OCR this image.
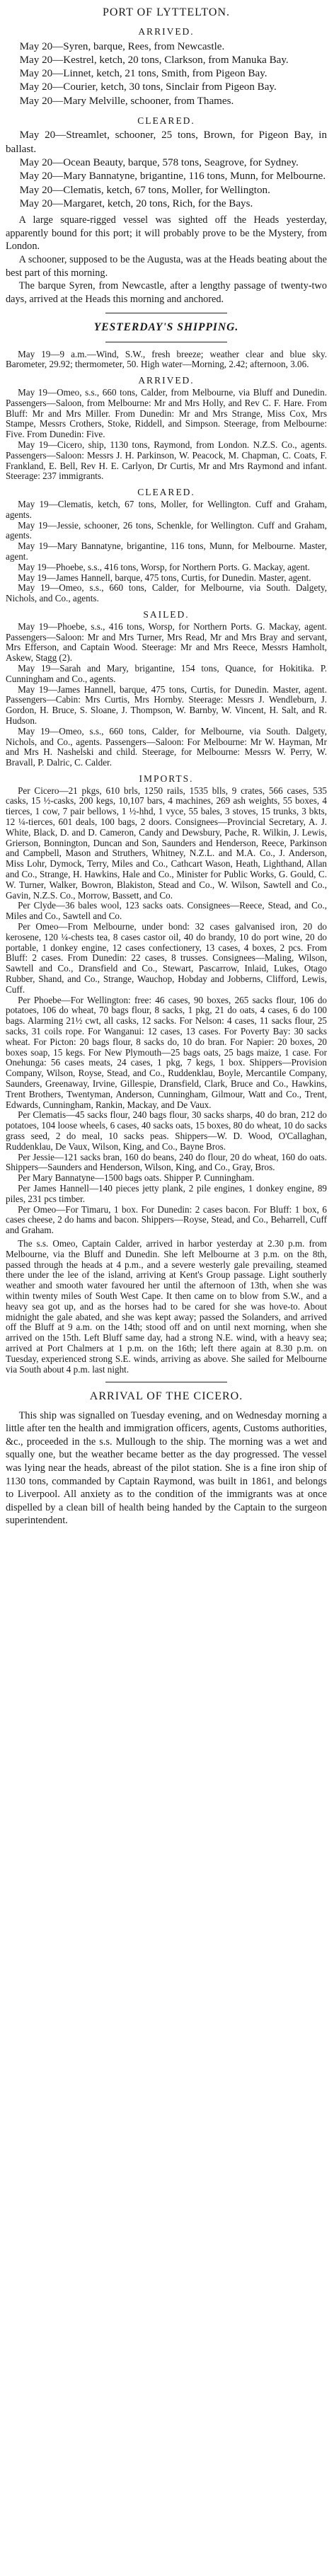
PORT OF LYTTELTON.
ARRIVED.

May 20—Syren, barque, Rees, from Newcastle.

May 20—Kestrel, ketch, 20 tons, Clarkson, from Manuka Bay.

May 20—Linnet, ketch, 21 tons, Smith, from Pigeon Bay.

May 20—Courier, ketch, 30 tons, Sinclair from Pigeon Bay.

May 20—Mary Melville, schooner, from Thames.

CLEARED.

May 20—Streamlet, schooner, 25 tons, Brown, for Pigeon Bay, in ballast.

May 20—Ocean Beauty, barque, 578 tons, Seagrove, for Sydney.

May 20—Mary Bannatyne, brigantine, 116 tons, Munn, for Melbourne.

May 20—Clematis, ketch, 67 tons, Moller, for Wellington.

May 20—Margaret, ketch, 20 tons, Rich, for the Bays.

A large square-rigged vessel was sighted off the Heads yesterday, apparently bound for this port; it will probably prove to be the Mystery, from London.

A schooner, supposed to be the Augusta, was at the Heads beating about the best part of this morning.

The barque Syren, from Newcastle, after a lengthy passage of twenty-two days, arrived at the Heads this morning and anchored.

YESTERDAY'S SHIPPING.

May 19—9 a.m.—Wind, S.W., fresh breeze; weather clear and blue sky. Barometer, 29.92; thermometer, 50. High water—Morning, 2.42; afternoon, 3.06.

ARRIVED.

May 19—Omeo, s.s., 660 tons, Calder, from Melbourne, via Bluff and Dunedin. Passengers—Saloon, from Melbourne: Mr and Mrs Holly, and Rev C. F. Hare. From Bluff: Mr and Mrs Miller. From Dunedin: Mr and Mrs Strange, Miss Cox, Mrs Stampe, Messrs Crothers, Stoke, Riddell, and Simpson. Steerage, from Melbourne: Five. From Dunedin: Five.

May 19—Cicero, ship, 1130 tons, Raymond, from London. N.Z.S. Co., agents. Passengers—Saloon: Messrs J. H. Parkinson, W. Peacock, M. Chapman, C. Coats, F. Frankland, E. Bell, Rev H. E. Carlyon, Dr Curtis, Mr and Mrs Raymond and infant. Steerage: 237 immigrants.

CLEARED.

May 19—Clematis, ketch, 67 tons, Moller, for Wellington. Cuff and Graham, agents.

May 19—Jessie, schooner, 26 tons, Schenkle, for Wellington. Cuff and Graham, agents.

May 19—Mary Bannatyne, brigantine, 116 tons, Munn, for Melbourne. Master, agent.

May 19—Phoebe, s.s., 416 tons, Worsp, for Northern Ports. G. Mackay, agent.

May 19—James Hannell, barque, 475 tons, Curtis, for Dunedin. Master, agent.

May 19—Omeo, s.s., 660 tons, Calder, for Melbourne, via South. Dalgety, Nichols, and Co., agents.

SAILED.

May 19—Phoebe, s.s., 416 tons, Worsp, for Northern Ports. G. Mackay, agent. Passengers—Saloon: Mr and Mrs Turner, Mrs Read, Mr and Mrs Bray and servant, Mrs Efferson, and Captain Wood. Steerage: Mr and Mrs Reece, Messrs Hamholt, Askew, Stagg (2).

May 19—Sarah and Mary, brigantine, 154 tons, Quance, for Hokitika. P. Cunningham and Co., agents.

May 19—James Hannell, barque, 475 tons, Curtis, for Dunedin. Master, agent. Passengers—Cabin: Mrs Curtis, Mrs Hornby. Steerage: Messrs J. Wendleburn, J. Gordon, H. Bruce, S. Sloane, J. Thompson, W. Barnby, W. Vincent, H. Salt, and R. Hudson.

May 19—Omeo, s.s., 660 tons, Calder, for Melbourne, via South. Dalgety, Nichols, and Co., agents. Passengers—Saloon: For Melbourne: Mr W. Hayman, Mr and Mrs H. Nashelski and child. Steerage, for Melbourne: Messrs W. Perry, W. Bravall, P. Dalric, C. Calder.

IMPORTS.

Per Cicero—21 pkgs, 610 brls, 1250 rails, 1535 blls, 9 crates, 566 cases, 535 casks, 15 ½-casks, 200 kegs, 10,107 bars, 4 machines, 269 ash weights, 55 boxes, 4 tierces, 1 cow, 7 pair bellows, 1 ½-hhd, 1 vyce, 55 bales, 3 stoves, 15 trunks, 3 bkts, 12 ¼-tierces, 601 deals, 100 bags, 2 doors. Consignees—Provincial Secretary, A. J. White, Black, D. and D. Cameron, Candy and Dewsbury, Pache, R. Wilkin, J. Lewis, Grierson, Bonnington, Duncan and Son, Saunders and Henderson, Reece, Parkinson and Campbell, Mason and Struthers, Whitney, N.Z.L. and M.A. Co., J. Anderson, Miss Lohr, Dymock, Terry, Miles and Co., Cathcart Wason, Heath, Lighthand, Allan and Co., Strange, H. Hawkins, Hale and Co., Minister for Public Works, G. Gould, C. W. Turner, Walker, Bowron, Blakiston, Stead and Co., W. Wilson, Sawtell and Co., Gavin, N.Z.S. Co., Morrow, Bassett, and Co.

Per Clyde—36 bales wool, 123 sacks oats. Consignees—Reece, Stead, and Co., Miles and Co., Sawtell and Co.

Per Omeo—From Melbourne, under bond: 32 cases galvanised iron, 20 do kerosene, 120 ¼-chests tea, 8 cases castor oil, 40 do brandy, 10 do port wine, 20 do portable, 1 donkey engine, 12 cases confectionery, 13 cases, 4 boxes, 2 pcs. From Bluff: 2 cases. From Dunedin: 22 cases, 8 trusses. Consignees—Maling, Wilson, Sawtell and Co., Dransfield and Co., Stewart, Pascarrow, Inlaid, Lukes, Otago Rubber, Shand, and Co., Strange, Wauchop, Hobday and Jobberns, Clifford, Lewis, Cuff.

Per Phoebe—For Wellington: free: 46 cases, 90 boxes, 265 sacks flour, 106 do potatoes, 106 do wheat, 70 bags flour, 8 sacks, 1 pkg, 21 do oats, 4 cases, 6 do 100 bags. Alarming 21½ cwt, all casks, 12 sacks. For Nelson: 4 cases, 11 sacks flour, 25 sacks, 31 coils rope. For Wanganui: 12 cases, 13 cases. For Poverty Bay: 30 sacks wheat. For Picton: 20 bags flour, 8 sacks do, 10 do bran. For Napier: 20 boxes, 20 boxes soap, 15 kegs. For New Plymouth—25 bags oats, 25 bags maize, 1 case. For Onehunga: 56 cases meats, 24 cases, 1 pkg, 7 kegs, 1 box. Shippers—Provision Company, Wilson, Royse, Stead, and Co., Ruddenklau, Boyle, Mercantile Company, Saunders, Greenaway, Irvine, Gillespie, Dransfield, Clark, Bruce and Co., Hawkins, Trent Brothers, Twentyman, Anderson, Cunningham, Gilmour, Watt and Co., Trent, Edwards, Cunningham, Rankin, Mackay, and De Vaux.

Per Clematis—45 sacks flour, 240 bags flour, 30 sacks sharps, 40 do bran, 212 do potatoes, 104 loose wheels, 6 cases, 40 sacks oats, 15 boxes, 80 do wheat, 10 do sacks grass seed, 2 do meal, 10 sacks peas. Shippers—W. D. Wood, O'Callaghan, Ruddenklau, De Vaux, Wilson, King, and Co., Bayne Bros.

Per Jessie—121 sacks bran, 160 do beans, 240 do flour, 20 do wheat, 160 do oats. Shippers—Saunders and Henderson, Wilson, King, and Co., Gray, Bros.

Per Mary Bannatyne—1500 bags oats. Shipper P. Cunningham.

Per James Hannell—140 pieces jetty plank, 2 pile engines, 1 donkey engine, 89 piles, 231 pcs timber.

Per Omeo—For Timaru, 1 box. For Dunedin: 2 cases bacon. For Bluff: 1 box, 6 cases cheese, 2 do hams and bacon. Shippers—Royse, Stead, and Co., Beharrell, Cuff and Graham.

The s.s. Omeo, Captain Calder, arrived in harbor yesterday at 2.30 p.m. from Melbourne, via the Bluff and Dunedin. She left Melbourne at 3 p.m. on the 8th, passed through the heads at 4 p.m., and a severe westerly gale prevailing, steamed there under the lee of the island, arriving at Kent's Group passage. Light southerly weather and smooth water favoured her until the afternoon of 13th, when she was within twenty miles of South West Cape. It then came on to blow from S.W., and a heavy sea got up, and as the horses had to be cared for she was hove-to. About midnight the gale abated, and she was kept away; passed the Solanders, and arrived off the Bluff at 9 a.m. on the 14th; stood off and on until next morning, when she arrived on the 15th. Left Bluff same day, had a strong N.E. wind, with a heavy sea; arrived at Port Chalmers at 1 p.m. on the 16th; left there again at 8.30 p.m. on Tuesday, experienced strong S.E. winds, arriving as above. She sailed for Melbourne via South about 4 p.m. last night.

ARRIVAL OF THE CICERO.

This ship was signalled on Tuesday evening, and on Wednesday morning a little after ten the health and immigration officers, agents, Customs authorities, &c., proceeded in the s.s. Mullough to the ship. The morning was a wet and squally one, but the weather became better as the day progressed. The vessel was lying near the heads, abreast of the pilot station. She is a fine iron ship of 1130 tons, commanded by Captain Raymond, was built in 1861, and belongs to Liverpool. All anxiety as to the condition of the immigrants was at once dispelled by a clean bill of health being handed by the Captain to the surgeon superintendent.
